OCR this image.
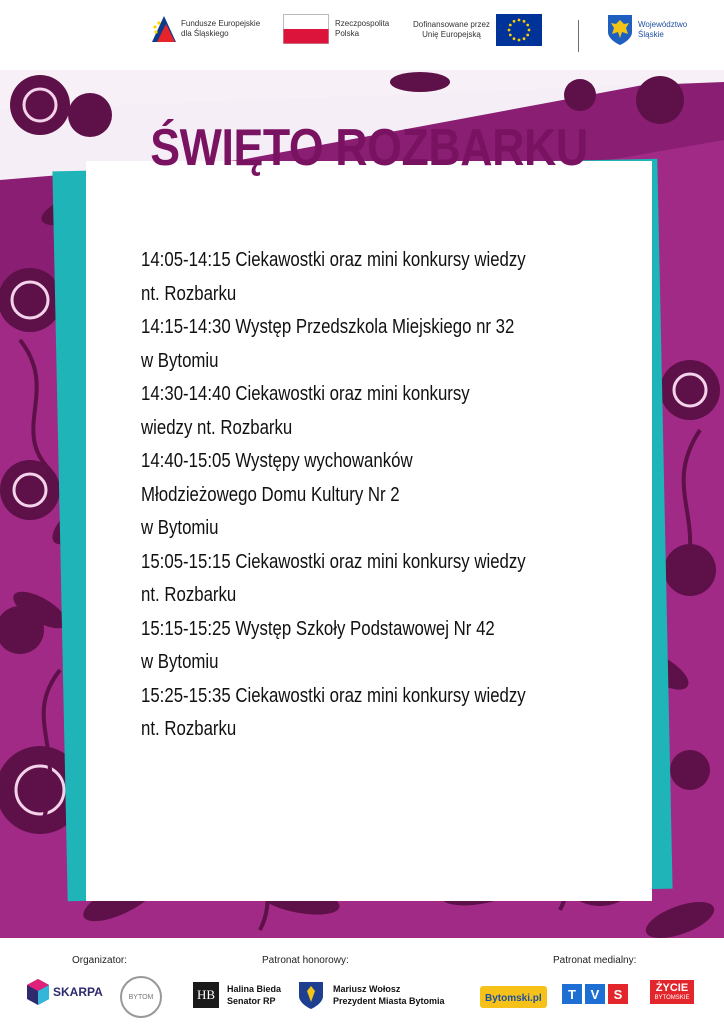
Fundusze Europejskie
dla Śląskiego
Rzeczpospolita
Polska
Dofinansowane przez
Unię Europejską
Województwo
Śląskie
ŚWIĘTO ROZBARKU
14:05-14:15 Ciekawostki oraz mini konkursy wiedzy
nt. Rozbarku
14:15-14:30 Występ Przedszkola Miejskiego nr 32
w Bytomiu
14:30-14:40 Ciekawostki oraz mini konkursy
wiedzy nt. Rozbarku
14:40-15:05 Występy wychowanków
Młodzieżowego Domu Kultury Nr 2
w Bytomiu
15:05-15:15 Ciekawostki oraz mini konkursy wiedzy
nt. Rozbarku
15:15-15:25 Występ Szkoły Podstawowej Nr 42
w Bytomiu
15:25-15:35 Ciekawostki oraz mini konkursy wiedzy
nt. Rozbarku
Organizator:
SKARPA	BYTOM
Patronat honorowy:
HB	Halina Bieda
Senator RP
Mariusz Wołosz
Prezydent Miasta Bytomia
Patronat medialny:
Bytomski.pl	T	V	S	ŻYCIE
BYTOMSKIE
